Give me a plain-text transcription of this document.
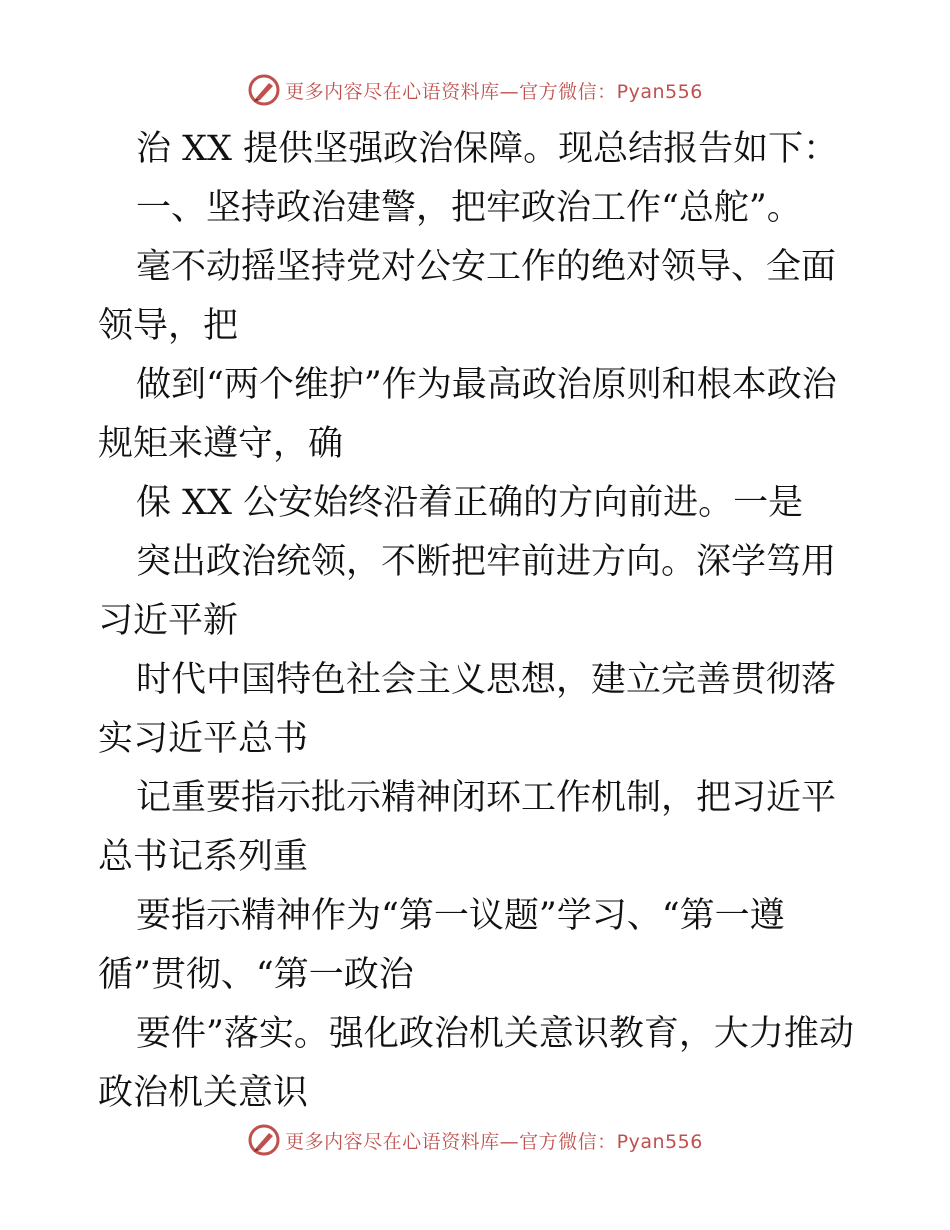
更多内容尽在心语资料库—官方微信：Pyan556

治 XX 提供坚强政治保障。现总结报告如下：

一、坚持政治建警，把牢政治工作“总舵”。

毫不动摇坚持党对公安工作的绝对领导、全面领导，把

做到“两个维护”作为最高政治原则和根本政治规矩来遵守，确

保 XX 公安始终沿着正确的方向前进。一是

突出政治统领，不断把牢前进方向。深学笃用习近平新

时代中国特色社会主义思想，建立完善贯彻落实习近平总书

记重要指示批示精神闭环工作机制，把习近平总书记系列重

要指示精神作为“第一议题”学习、“第一遵循”贯彻、“第一政治

要件”落实。强化政治机关意识教育，大力推动政治机关意识

更多内容尽在心语资料库—官方微信：Pyan556
